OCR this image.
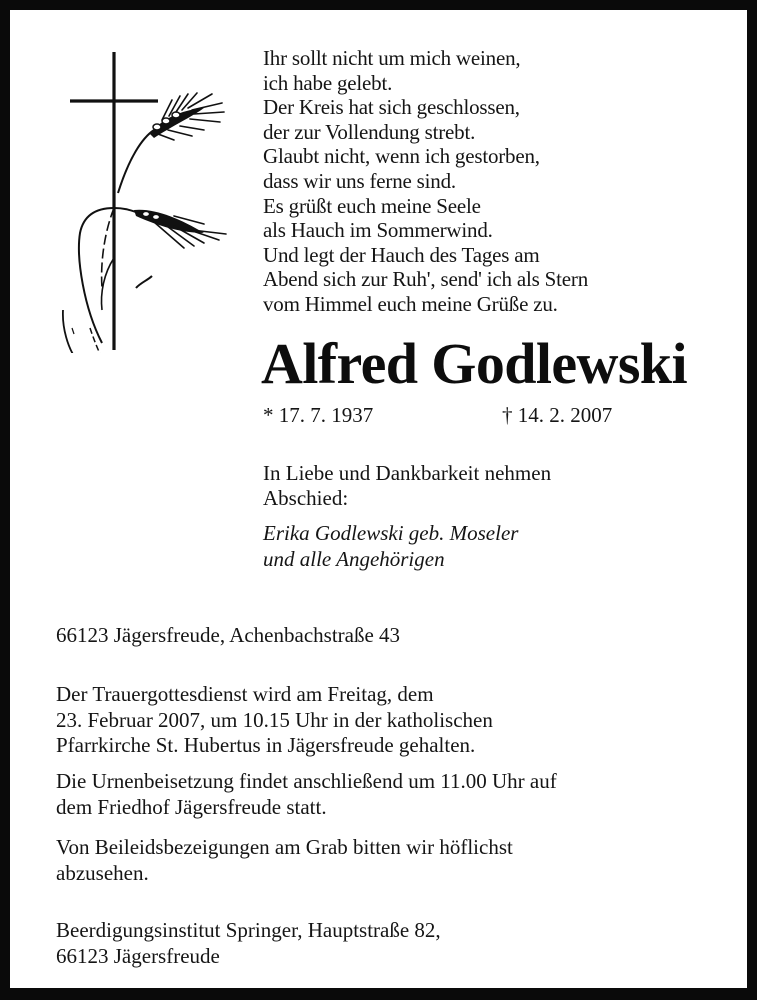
Ihr sollt nicht um mich weinen,
ich habe gelebt.
Der Kreis hat sich geschlossen,
der zur Vollendung strebt.
Glaubt nicht, wenn ich gestorben,
dass wir uns ferne sind.
Es grüßt euch meine Seele
als Hauch im Sommerwind.
Und legt der Hauch des Tages am
Abend sich zur Ruh', send' ich als Stern
vom Himmel euch meine Grüße zu.
Alfred Godlewski
* 17. 7. 1937	† 14. 2. 2007
In Liebe und Dankbarkeit nehmen
Abschied:
Erika Godlewski geb. Moseler
und alle Angehörigen
66123 Jägersfreude, Achenbachstraße 43
Der Trauergottesdienst wird am Freitag, dem
23. Februar 2007, um 10.15 Uhr in der katholischen
Pfarrkirche St. Hubertus in Jägersfreude gehalten.
Die Urnenbeisetzung findet anschließend um 11.00 Uhr auf
dem Friedhof Jägersfreude statt.
Von Beileidsbezeigungen am Grab bitten wir höflichst
abzusehen.
Beerdigungsinstitut Springer, Hauptstraße 82,
66123 Jägersfreude
